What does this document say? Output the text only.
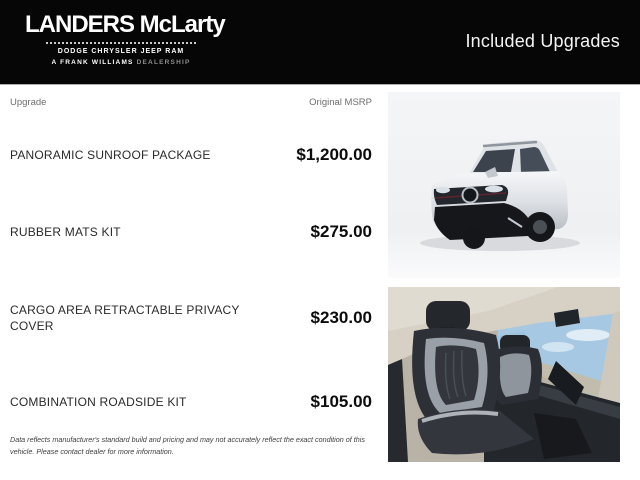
LANDERS McLarty
DODGE CHRYSLER JEEP RAM
A FRANK WILLIAMS DEALERSHIP
Included Upgrades
Upgrade	Original MSRP
PANORAMIC SUNROOF PACKAGE	$1,200.00
RUBBER MATS KIT	$275.00
CARGO AREA RETRACTABLE PRIVACY COVER	$230.00
COMBINATION ROADSIDE KIT	$105.00

Data reflects manufacturer's standard build and pricing and may not accurately reflect the exact condition of this vehicle. Please contact dealer for more information.
